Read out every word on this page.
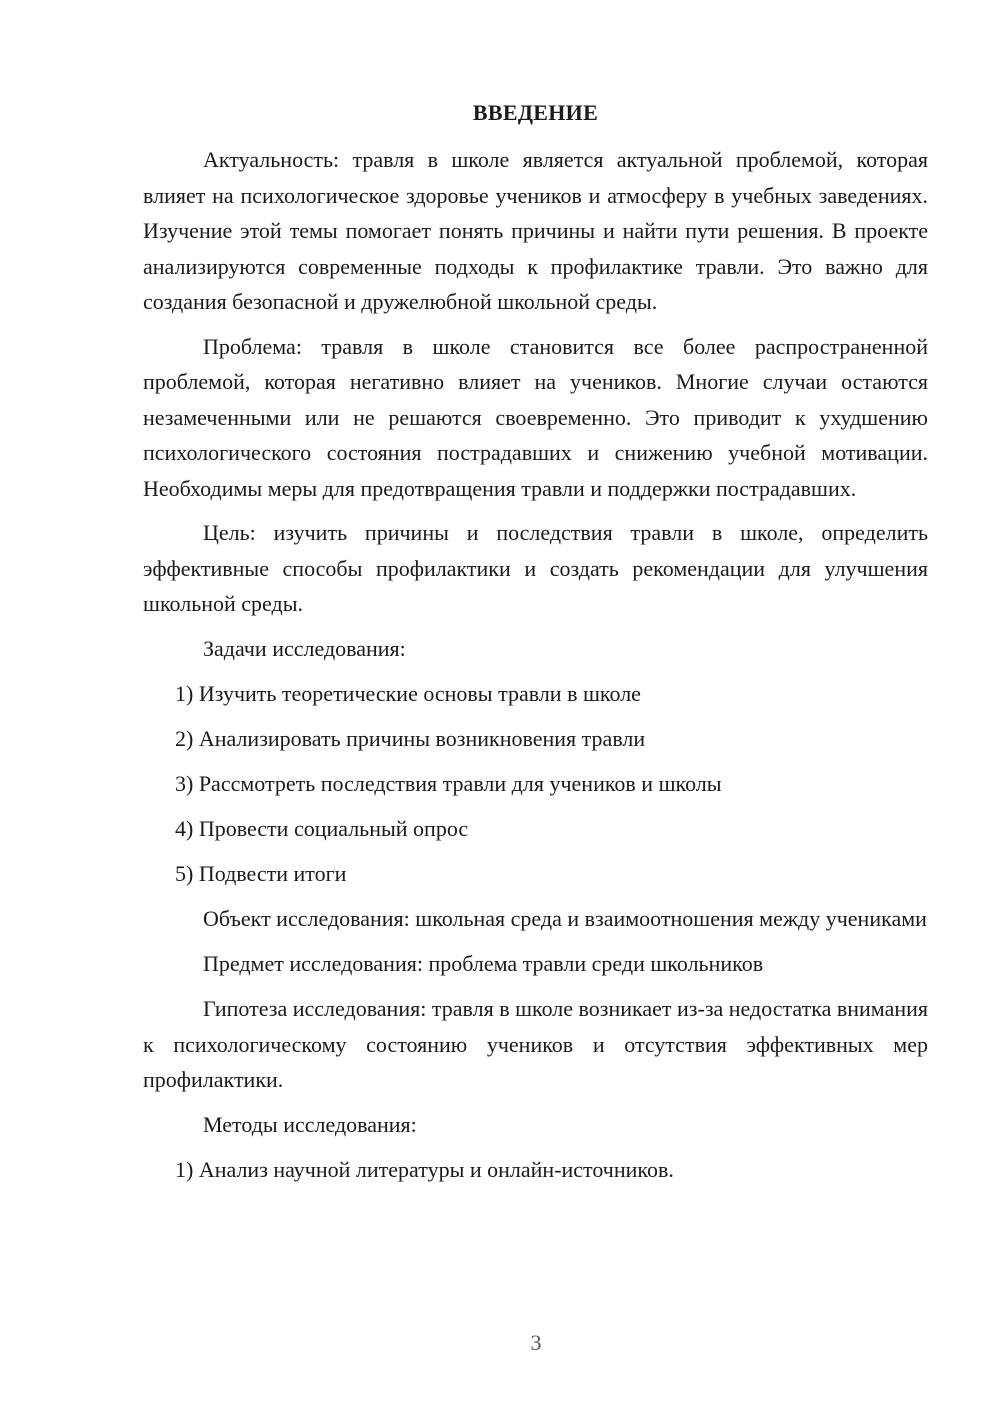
ВВЕДЕНИЕ

Актуальность: травля в школе является актуальной проблемой, которая влияет на психологическое здоровье учеников и атмосферу в учебных заведениях. Изучение этой темы помогает понять причины и найти пути решения. В проекте анализируются современные подходы к профилактике травли. Это важно для создания безопасной и дружелюбной школьной среды.

Проблема: травля в школе становится все более распространенной проблемой, которая негативно влияет на учеников. Многие случаи остаются незамеченными или не решаются своевременно. Это приводит к ухудшению психологического состояния пострадавших и снижению учебной мотивации. Необходимы меры для предотвращения травли и поддержки пострадавших.

Цель: изучить причины и последствия травли в школе, определить эффективные способы профилактики и создать рекомендации для улучшения школьной среды.

Задачи исследования:

1) Изучить теоретические основы травли в школе
2) Анализировать причины возникновения травли
3) Рассмотреть последствия травли для учеников и школы
4) Провести социальный опрос
5) Подвести итоги

Объект исследования: школьная среда и взаимоотношения между учениками

Предмет исследования: проблема травли среди школьников

Гипотеза исследования: травля в школе возникает из-за недостатка внимания к психологическому состоянию учеников и отсутствия эффективных мер профилактики.

Методы исследования:

1) Анализ научной литературы и онлайн-источников.
3
